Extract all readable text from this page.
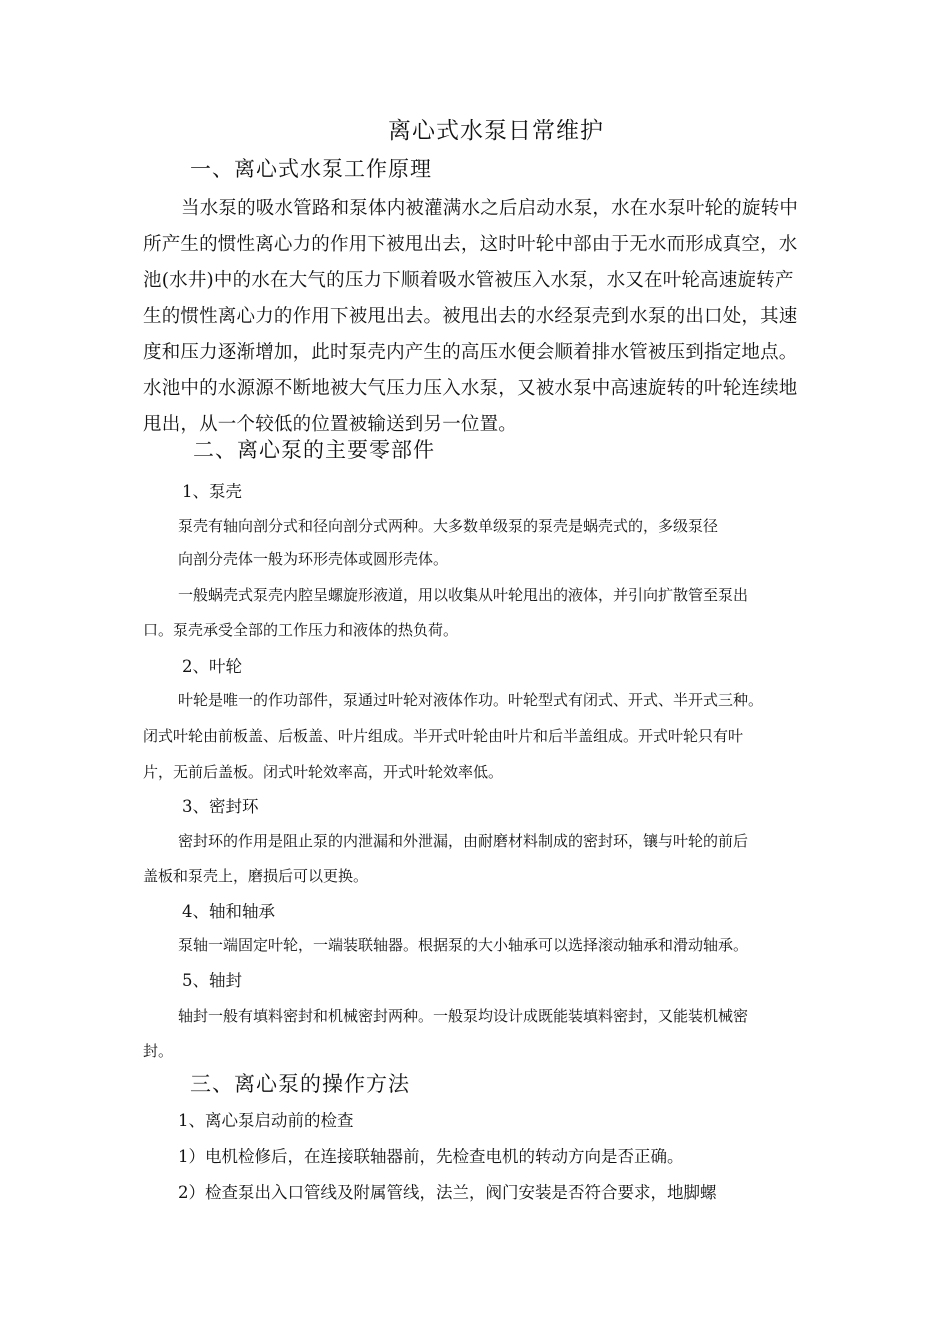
离心式水泵日常维护
一、离心式水泵工作原理
当水泵的吸水管路和泵体内被灌满水之后启动水泵，水在水泵叶轮的旋转中
所产生的惯性离心力的作用下被甩出去，这时叶轮中部由于无水而形成真空，水
池(水井)中的水在大气的压力下顺着吸水管被压入水泵，水又在叶轮高速旋转产
生的惯性离心力的作用下被甩出去。被甩出去的水经泵壳到水泵的出口处，其速
度和压力逐渐增加，此时泵壳内产生的高压水便会顺着排水管被压到指定地点。
水池中的水源源不断地被大气压力压入水泵，又被水泵中高速旋转的叶轮连续地
甩出，从一个较低的位置被输送到另一位置。
二、离心泵的主要零部件
1、泵壳
泵壳有轴向剖分式和径向剖分式两种。大多数单级泵的泵壳是蜗壳式的，多级泵径
向剖分壳体一般为环形壳体或圆形壳体。
一般蜗壳式泵壳内腔呈螺旋形液道，用以收集从叶轮甩出的液体，并引向扩散管至泵出
口。泵壳承受全部的工作压力和液体的热负荷。
2、叶轮
叶轮是唯一的作功部件，泵通过叶轮对液体作功。叶轮型式有闭式、开式、半开式三种。
闭式叶轮由前板盖、后板盖、叶片组成。半开式叶轮由叶片和后半盖组成。开式叶轮只有叶
片，无前后盖板。闭式叶轮效率高，开式叶轮效率低。
3、密封环
密封环的作用是阻止泵的内泄漏和外泄漏，由耐磨材料制成的密封环，镶与叶轮的前后
盖板和泵壳上，磨损后可以更换。
4、轴和轴承
泵轴一端固定叶轮，一端装联轴器。根据泵的大小轴承可以选择滚动轴承和滑动轴承。
5、轴封
轴封一般有填料密封和机械密封两种。一般泵均设计成既能装填料密封，又能装机械密
封。
三、离心泵的操作方法
1、离心泵启动前的检查
1）电机检修后，在连接联轴器前，先检查电机的转动方向是否正确。
2）检查泵出入口管线及附属管线，法兰，阀门安装是否符合要求，地脚螺
